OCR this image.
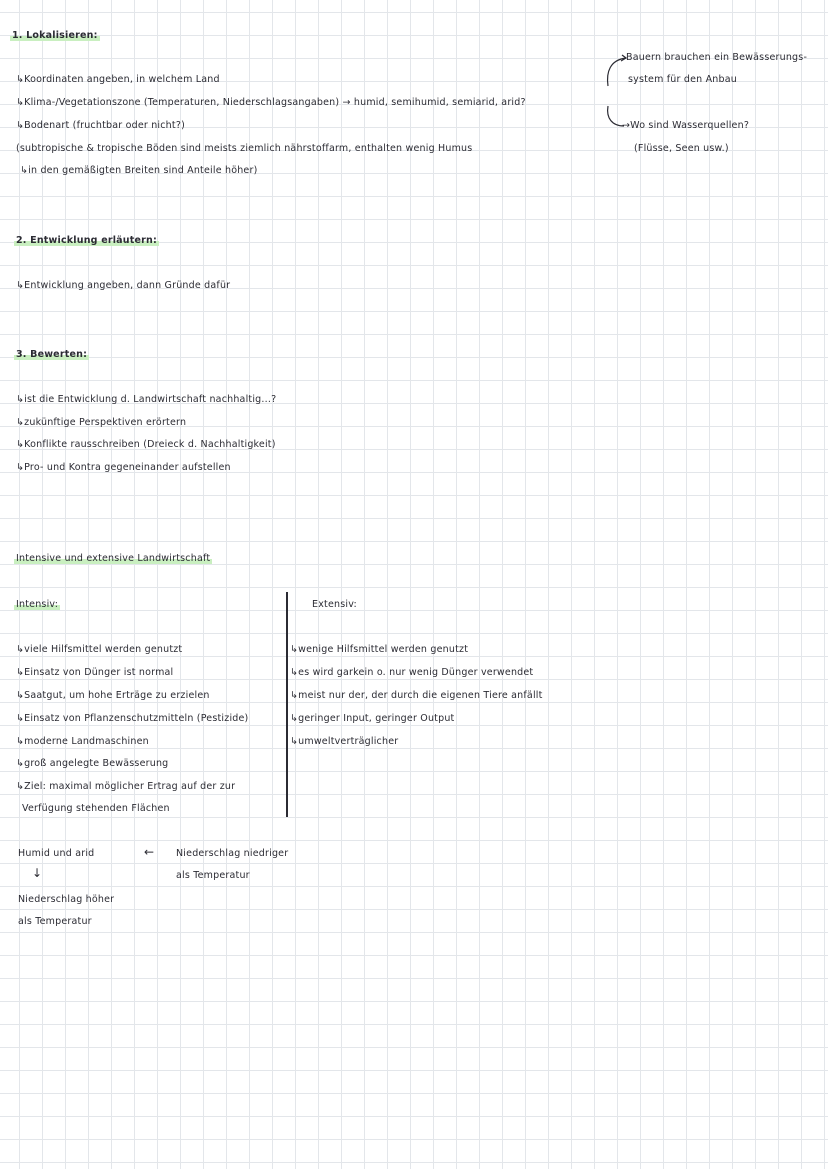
1. Lokalisieren:
↳Koordinaten angeben, in welchem Land
↳Klima-/Vegetationszone (Temperaturen, Niederschlagsangaben) → humid, semihumid, semiarid, arid?
↳Bodenart (fruchtbar oder nicht?)
(subtropische & tropische Böden sind meists ziemlich nährstoffarm, enthalten wenig Humus
↳in den gemäßigten Breiten sind Anteile höher)
Bauern brauchen ein Bewässerungs-
system für den Anbau
→Wo sind Wasserquellen?
(Flüsse, Seen usw.)
2. Entwicklung erläutern:
↳Entwicklung angeben, dann Gründe dafür
3. Bewerten:
↳ist die Entwicklung d. Landwirtschaft nachhaltig...?
↳zukünftige Perspektiven erörtern
↳Konflikte rausschreiben (Dreieck d. Nachhaltigkeit)
↳Pro- und Kontra gegeneinander aufstellen
Intensive und extensive Landwirtschaft
Intensiv:	Extensiv:
↳viele Hilfsmittel werden genutzt
↳Einsatz von Dünger ist normal
↳Saatgut, um hohe Erträge zu erzielen
↳Einsatz von Pflanzenschutzmitteln (Pestizide)
↳moderne Landmaschinen
↳groß angelegte Bewässerung
↳Ziel: maximal möglicher Ertrag auf der zur
Verfügung stehenden Flächen
↳wenige Hilfsmittel werden genutzt
↳es wird garkein o. nur wenig Dünger verwendet
↳meist nur der, der durch die eigenen Tiere anfällt
↳geringer Input, geringer Output
↳umweltverträglicher
Humid und arid	← Niederschlag niedriger
als Temperatur
↓
Niederschlag höher
als Temperatur
